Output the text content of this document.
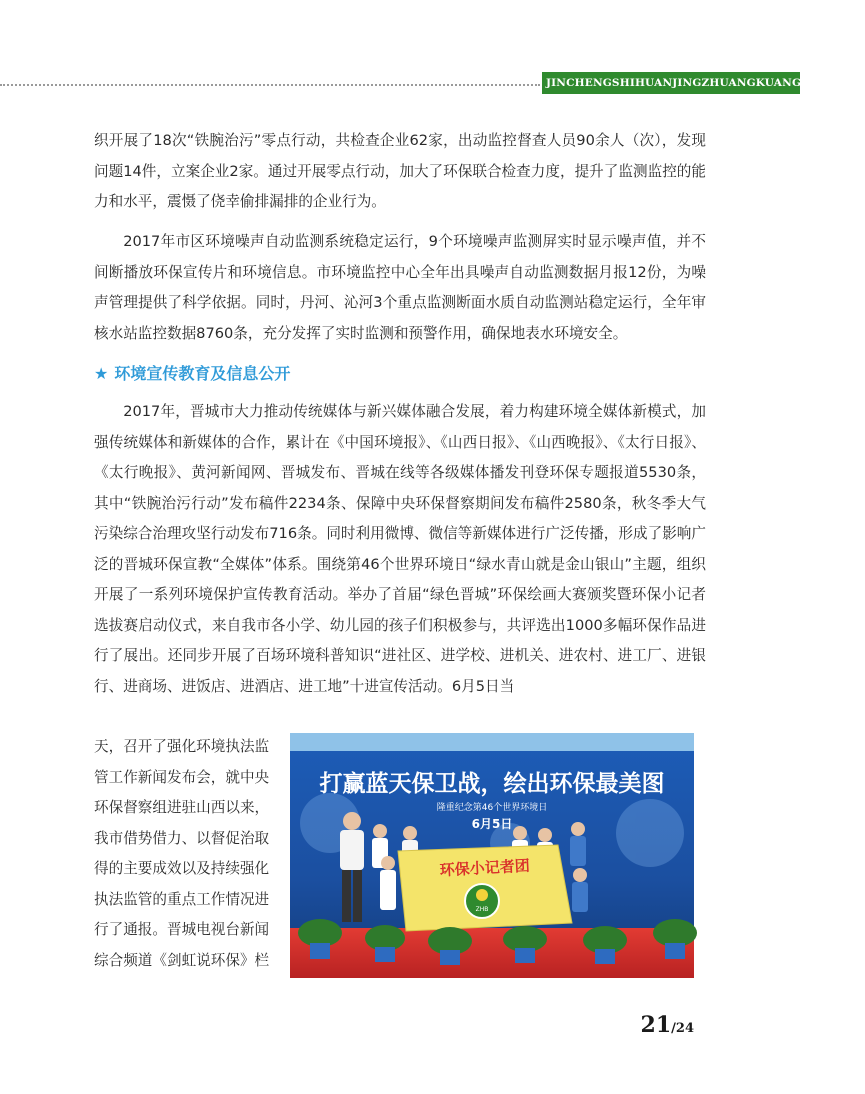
JINCHENGSHIHUANJINGZHUANGKUANGGONGBAO

织开展了18次“铁腕治污”零点行动，共检查企业62家，出动监控督查人员90余人（次），发现问题14件，立案企业2家。通过开展零点行动，加大了环保联合检查力度，提升了监测监控的能力和水平，震慑了侥幸偷排漏排的企业行为。

2017年市区环境噪声自动监测系统稳定运行，9个环境噪声监测屏实时显示噪声值，并不间断播放环保宣传片和环境信息。市环境监控中心全年出具噪声自动监测数据月报12份，为噪声管理提供了科学依据。同时，丹河、沁河3个重点监测断面水质自动监测站稳定运行，全年审核水站监控数据8760条，充分发挥了实时监测和预警作用，确保地表水环境安全。

★ 环境宣传教育及信息公开

2017年，晋城市大力推动传统媒体与新兴媒体融合发展，着力构建环境全媒体新模式，加强传统媒体和新媒体的合作，累计在《中国环境报》、《山西日报》、《山西晚报》、《太行日报》、《太行晚报》、黄河新闻网、晋城发布、晋城在线等各级媒体播发刊登环保专题报道5530条，其中“铁腕治污行动”发布稿件2234条、保障中央环保督察期间发布稿件2580条，秋冬季大气污染综合治理攻坚行动发布716条。同时利用微博、微信等新媒体进行广泛传播，形成了影响广泛的晋城环保宣教“全媒体”体系。围绕第46个世界环境日“绿水青山就是金山银山”主题，组织开展了一系列环境保护宣传教育活动。举办了首届“绿色晋城”环保绘画大赛颁奖暨环保小记者选拔赛启动仪式，来自我市各小学、幼儿园的孩子们积极参与，共评选出1000多幅环保作品进行了展出。还同步开展了百场环境科普知识“进社区、进学校、进机关、进农村、进工厂、进银行、进商场、进饭店、进酒店、进工地”十进宣传活动。6月5日当

天，召开了强化环境执法监
管工作新闻发布会，就中央
环保督察组进驻山西以来，
我市借势借力、以督促治取
得的主要成效以及持续强化
执法监管的重点工作情况进
行了通报。晋城电视台新闻
综合频道《剑虹说环保》栏
打赢蓝天保卫战，绘出环保最美图
隆重纪念第46个世界环境日
6月5日
环保小记者团
ZHB
21/24
